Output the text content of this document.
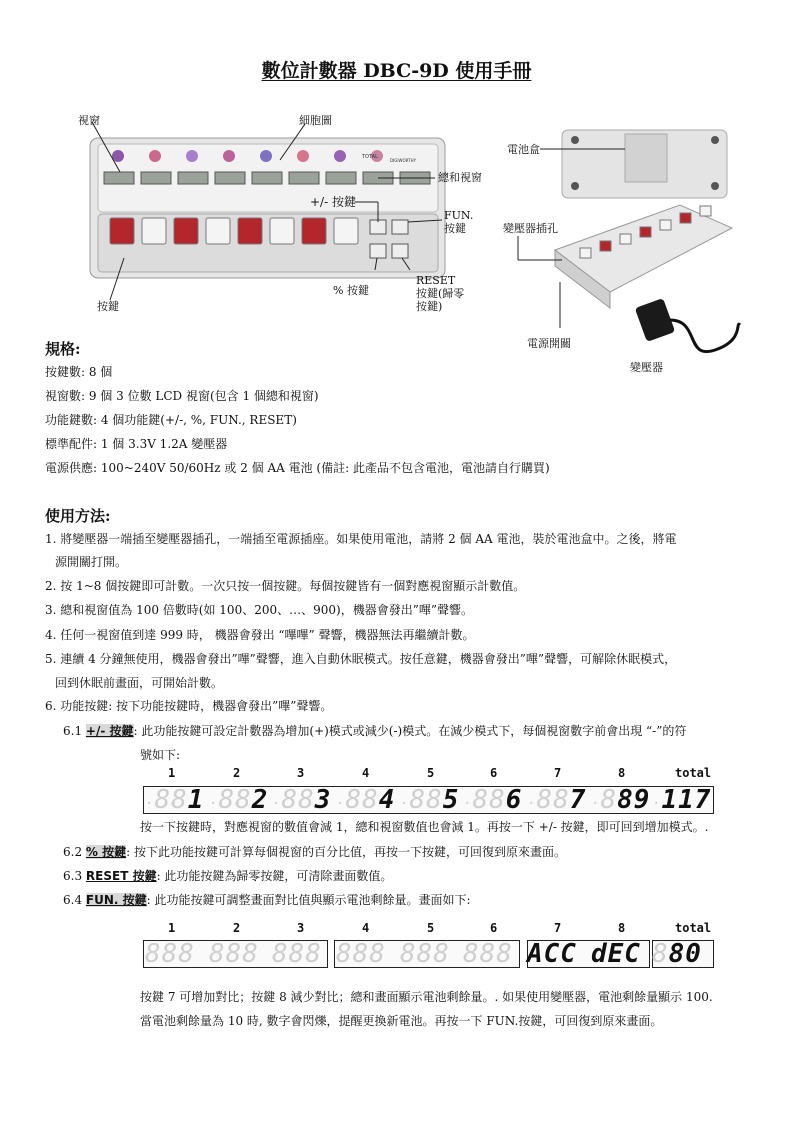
數位計數器 DBC-9D 使用手冊
TOTAL
DIGIWORTHY
視窗	細胞圖
總和視窗
+/- 按鍵
FUN.
按鍵
% 按鍵
RESET
按鍵(歸零
按鍵)
按鍵
電池盒
變壓器插孔
電源開關
變壓器
規格:
按鍵數: 8 個
視窗數: 9 個 3 位數 LCD 視窗(包含 1 個總和視窗)
功能鍵數: 4 個功能鍵(+/-, %, FUN., RESET)
標準配件: 1 個 3.3V 1.2A 變壓器
電源供應: 100~240V 50/60Hz 或 2 個 AA 電池 (備註: 此產品不包含電池，電池請自行購買)
使用方法:
1. 將變壓器一端插至變壓器插孔，一端插至電源插座。如果使用電池，請將 2 個 AA 電池，裝於電池盒中。之後，將電
源開關打開。
2. 按 1~8 個按鍵即可計數。一次只按一個按鍵。每個按鍵皆有一個對應視窗顯示計數值。
3. 總和視窗值為 100 倍數時(如 100、200、…、900)，機器會發出”嗶”聲響。
4. 任何一視窗值到達 999 時， 機器會發出 “嗶嗶” 聲響，機器無法再繼續計數。
5. 連續 4 分鐘無使用，機器會發出”嗶”聲響，進入自動休眠模式。按任意鍵，機器會發出”嗶”聲響，可解除休眠模式，
回到休眠前畫面，可開始計數。
6. 功能按鍵: 按下功能按鍵時，機器會發出”嗶”聲響。
6.1 +/- 按鍵: 此功能按鍵可設定計數器為增加(+)模式或減少(-)模式。在減少模式下，每個視窗數字前會出現 “-”的符
號如下:
1	2	3	4	5	6	7	8	total
·881 ·882 ·883 ·884 ·885 ·886 ·887 ·889 ·117
按一下按鍵時，對應視窗的數值會減 1，總和視窗數值也會減 1。再按一下 +/- 按鍵，即可回到增加模式。.
6.2 % 按鍵: 按下此功能按鍵可計算每個視窗的百分比值，再按一下按鍵，可回復到原來畫面。
6.3 RESET 按鍵: 此功能按鍵為歸零按鍵，可清除畫面數值。
6.4 FUN. 按鍵: 此功能按鍵可調整畫面對比值與顯示電池剩餘量。畫面如下:
1	2	3	4	5	6	7	8	total
888 888 888 888 888 888 ACC dEC 880
按鍵 7 可增加對比；按鍵 8 減少對比；總和畫面顯示電池剩餘量。. 如果使用變壓器，電池剩餘量顯示 100.
當電池剩餘量為 10 時, 數字會閃爍，提醒更換新電池。再按一下 FUN.按鍵，可回復到原來畫面。
